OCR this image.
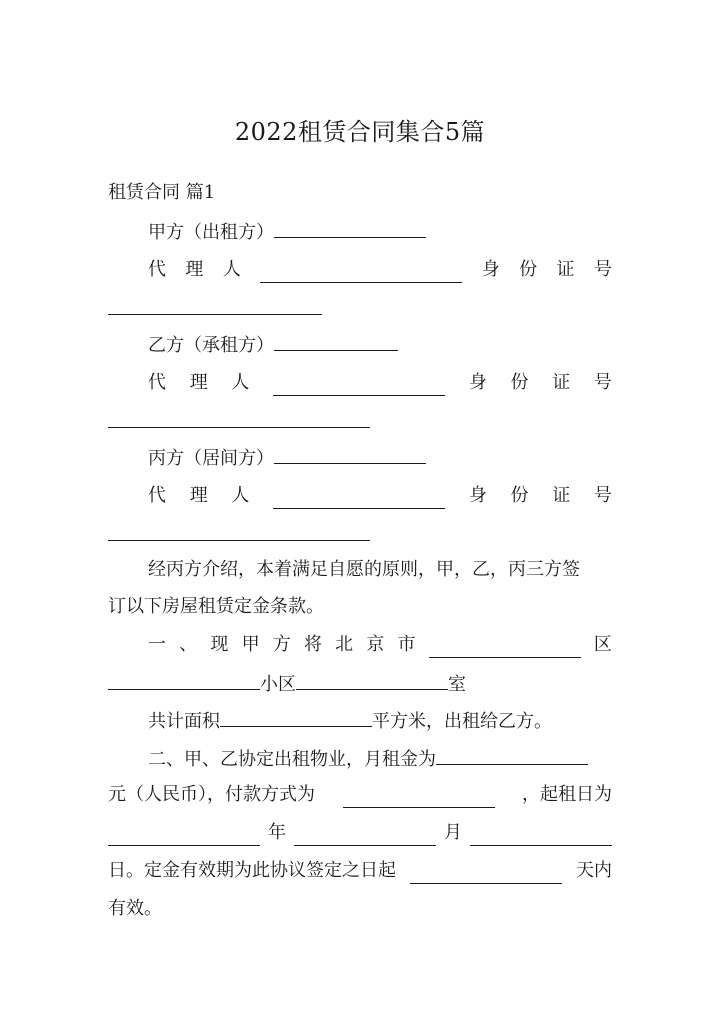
2022租赁合同集合5篇
租赁合同 篇1
甲方（出租方）
代 理 人	身 份 证 号
乙方（承租方）
代 理 人	身 份 证 号
丙方（居间方）
代 理 人	身 份 证 号
经丙方介绍，本着满足自愿的原则，甲，乙，丙三方签
订以下房屋租赁定金条款。
一 、 现 甲 方 将 北 京 市	区
小区	室
共计面积	平方米，出租给乙方。
二、甲、乙协定出租物业，月租金为
元（人民币），付款方式为	，起租日为
年	月
日。定金有效期为此协议签定之日起	天内
有效。
